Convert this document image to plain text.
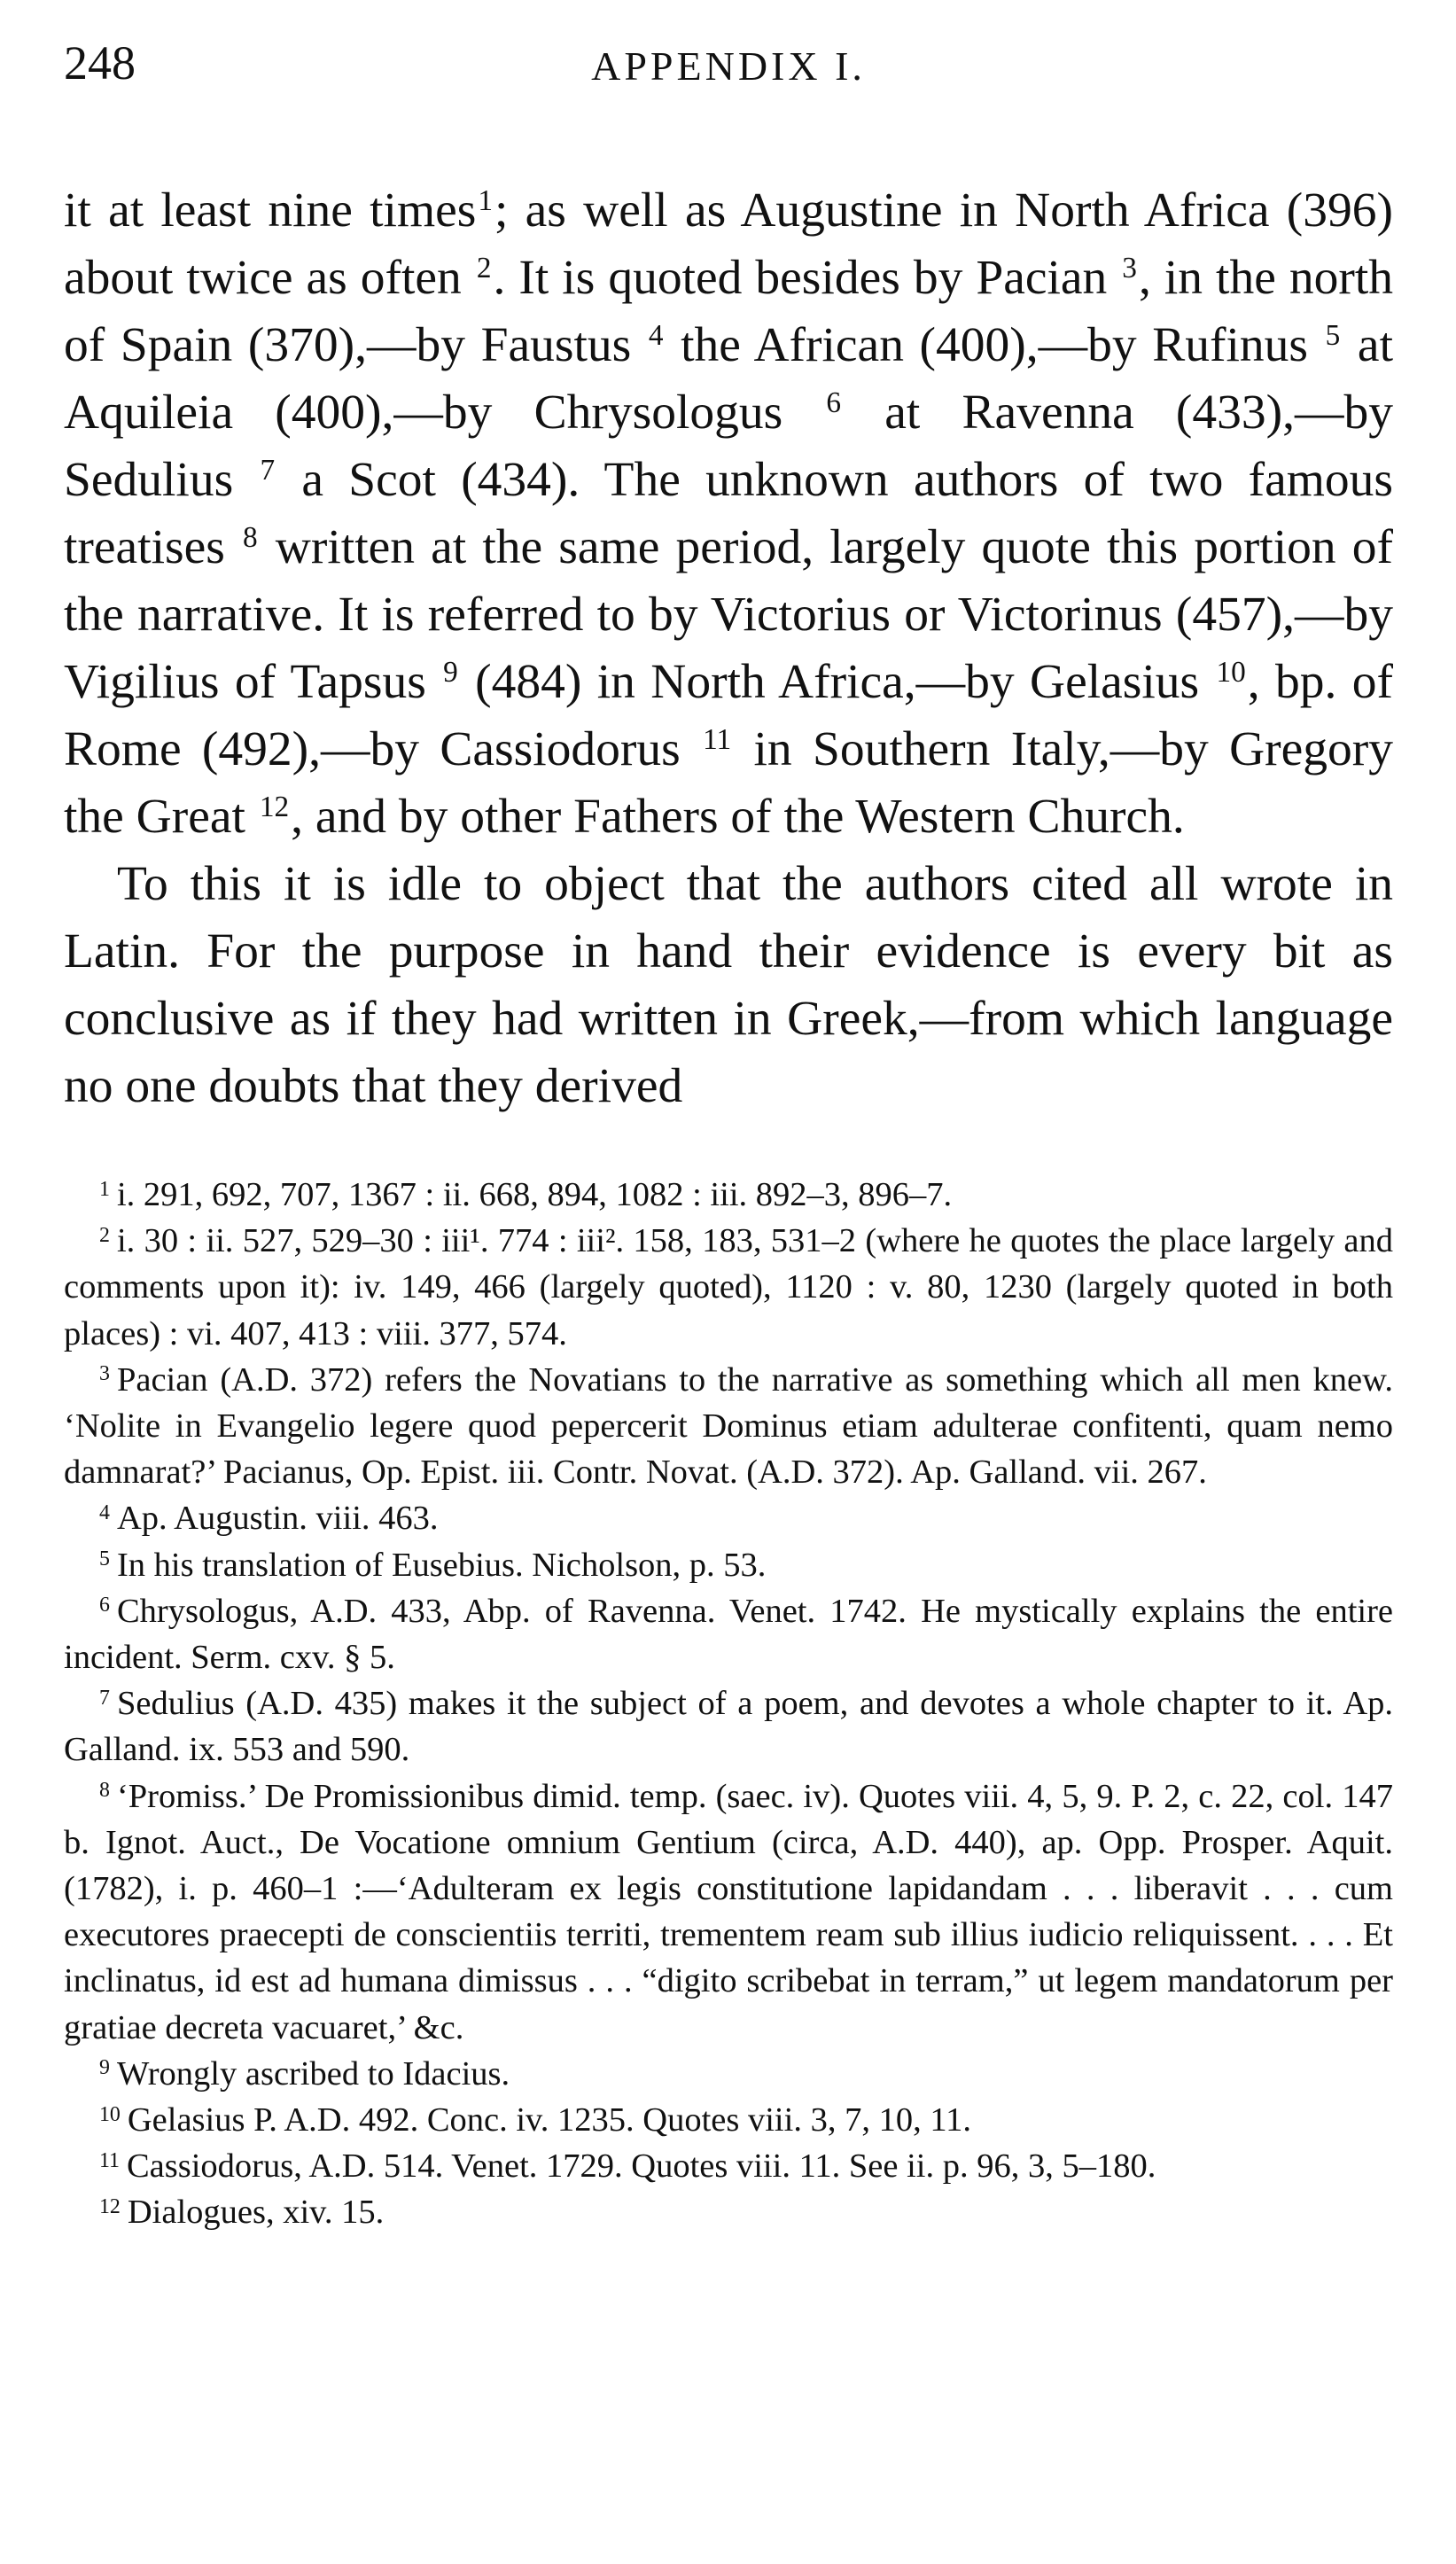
248	APPENDIX I.

it at least nine times$^1$; as well as Augustine in North Africa (396) about twice as often $^2$. It is quoted besides by Pacian $^3$, in the north of Spain (370),—by Faustus $^4$ the African (400),—by Rufinus $^5$ at Aquileia (400),—by Chrysologus $^6$ at Ravenna (433),—by Sedulius $^7$ a Scot (434). The unknown authors of two famous treatises $^8$ written at the same period, largely quote this portion of the narrative. It is referred to by Victorius or Victorinus (457),—by Vigilius of Tapsus $^9$ (484) in North Africa,—by Gelasius $^{10}$, bp. of Rome (492),—by Cassiodorus $^{11}$ in Southern Italy,—by Gregory the Great $^{12}$, and by other Fathers of the Western Church.

To this it is idle to object that the authors cited all wrote in Latin. For the purpose in hand their evidence is every bit as conclusive as if they had written in Greek,—from which language no one doubts that they derived

1 i. 291, 692, 707, 1367 : ii. 668, 894, 1082 : iii. 892–3, 896–7.

2 i. 30 : ii. 527, 529–30 : iii¹. 774 : iii². 158, 183, 531–2 (where he quotes the place largely and comments upon it): iv. 149, 466 (largely quoted), 1120 : v. 80, 1230 (largely quoted in both places) : vi. 407, 413 : viii. 377, 574.

3 Pacian (A.D. 372) refers the Novatians to the narrative as something which all men knew. ‘Nolite in Evangelio legere quod pepercerit Dominus etiam adulterae confitenti, quam nemo damnarat?’ Pacianus, Op. Epist. iii. Contr. Novat. (A.D. 372). Ap. Galland. vii. 267.

4 Ap. Augustin. viii. 463.

5 In his translation of Eusebius. Nicholson, p. 53.

6 Chrysologus, A.D. 433, Abp. of Ravenna. Venet. 1742. He mystically explains the entire incident. Serm. cxv. § 5.

7 Sedulius (A.D. 435) makes it the subject of a poem, and devotes a whole chapter to it. Ap. Galland. ix. 553 and 590.

8 ‘Promiss.’ De Promissionibus dimid. temp. (saec. iv). Quotes viii. 4, 5, 9. P. 2, c. 22, col. 147 b. Ignot. Auct., De Vocatione omnium Gentium (circa, A.D. 440), ap. Opp. Prosper. Aquit. (1782), i. p. 460–1 :—‘Adulteram ex legis constitutione lapidandam . . . liberavit . . . cum executores praecepti de conscientiis territi, trementem ream sub illius iudicio reliquissent. . . . Et inclinatus, id est ad humana dimissus . . . “digito scribebat in terram,” ut legem mandatorum per gratiae decreta vacuaret,’ &c.

9 Wrongly ascribed to Idacius.

10 Gelasius P. A.D. 492. Conc. iv. 1235. Quotes viii. 3, 7, 10, 11.

11 Cassiodorus, A.D. 514. Venet. 1729. Quotes viii. 11. See ii. p. 96, 3, 5–180.

12 Dialogues, xiv. 15.
